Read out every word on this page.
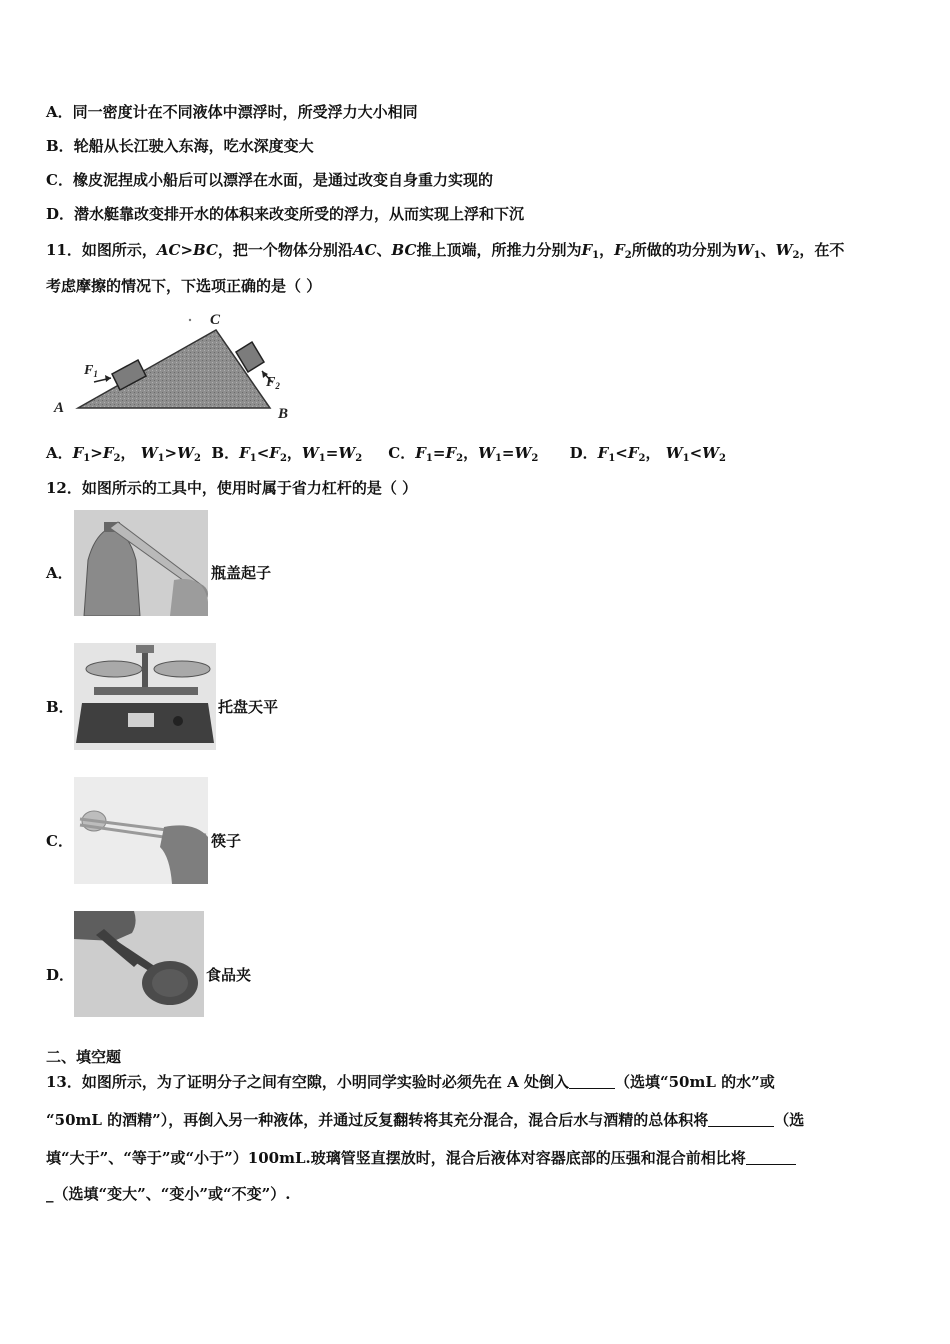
A．同一密度计在不同液体中漂浮时，所受浮力大小相同
B．轮船从长江驶入东海，吃水深度变大
C．橡皮泥捏成小船后可以漂浮在水面，是通过改变自身重力实现的
D．潜水艇靠改变排开水的体积来改变所受的浮力，从而实现上浮和下沉
11．如图所示，AC>BC，把一个物体分别沿AC、BC推上顶端，所推力分别为$F_1$，$F_2$所做的功分别为$W_1$、$W_2$，在不
考虑摩擦的情况下，下选项正确的是（ ）
A	B
C
$F_1$
$F_2$
A．$F_1>F_2$， $W_1>W_2$ B．$F_1<F_2$，$W_1=W_2$ C．$F_1=F_2$，$W_1=W_2$ D．$F_1<F_2$， $W_1<W_2$
12．如图所示的工具中，使用时属于省力杠杆的是（ ）
A．	瓶盖起子
B．	托盘天平
C．	筷子
D．	食品夹
二、填空题
13．如图所示，为了证明分子之间有空隙，小明同学实验时必须先在 A 处倒入	（选填“50mL 的水”或
“50mL 的酒精”），再倒入另一种液体，并通过反复翻转将其充分混合，混合后水与酒精的总体积将	（选
填“大于”、“等于”或“小于”）100mL.玻璃管竖直摆放时，混合后液体对容器底部的压强和混合前相比将
_（选填“变大”、“变小”或“不变”）.
